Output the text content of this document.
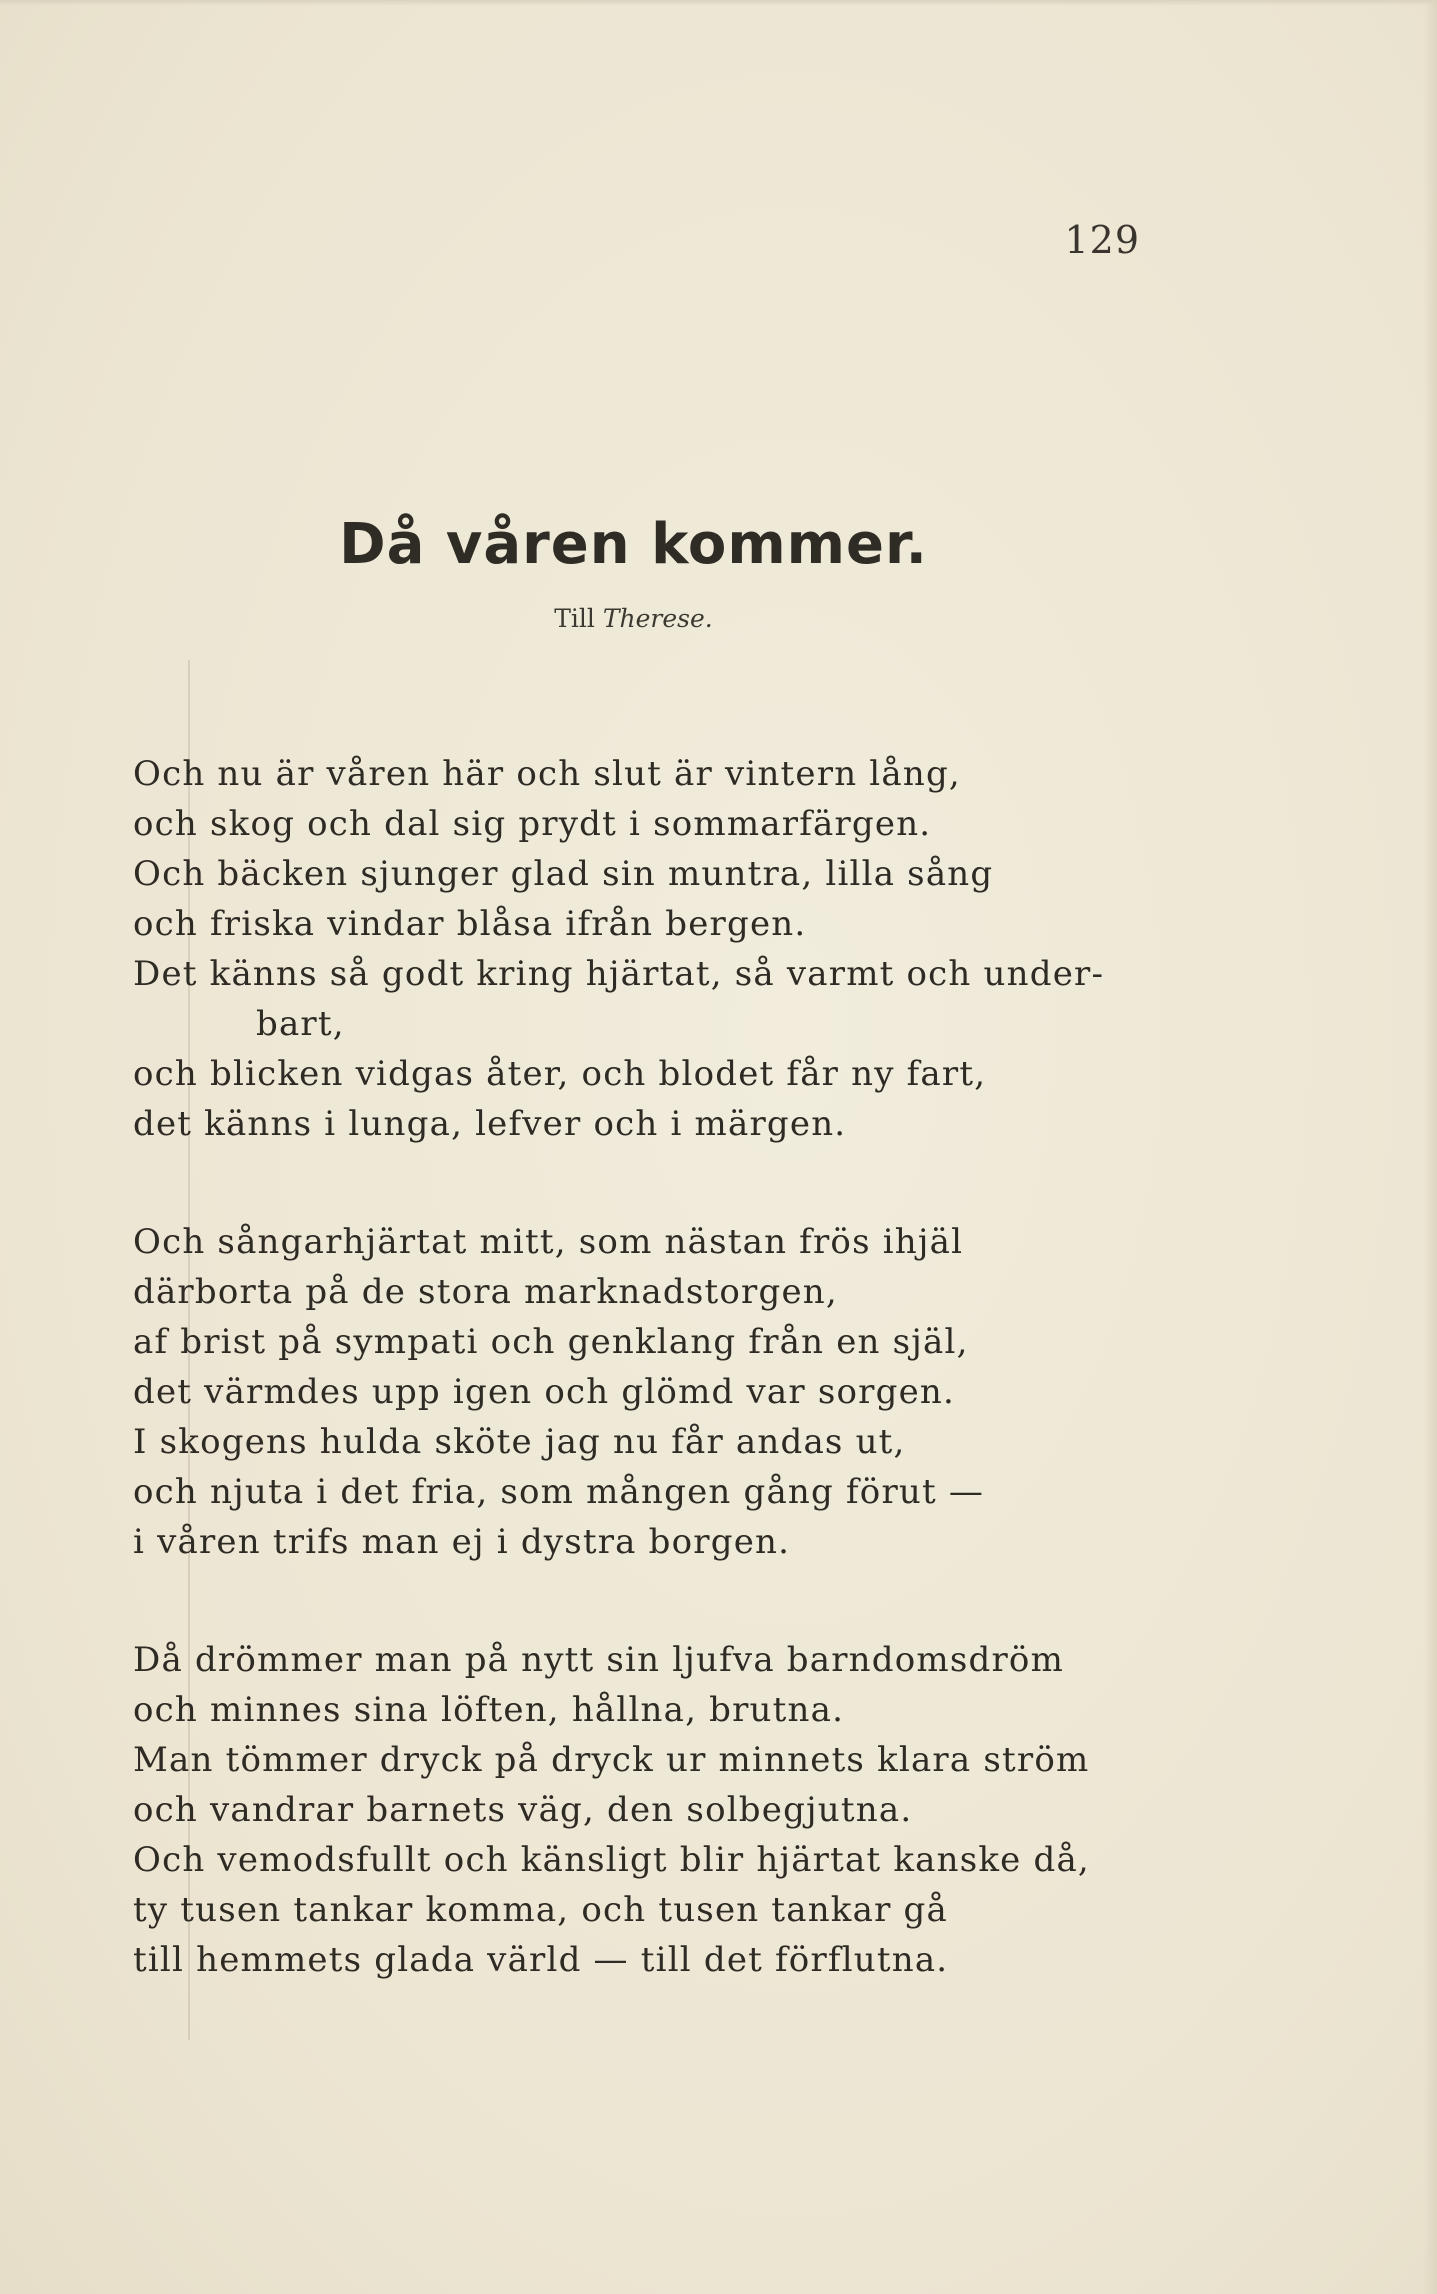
129
Då våren kommer.
Till Therese.
Och nu är våren här och slut är vintern lång,
och skog och dal sig prydt i sommarfärgen.
Och bäcken sjunger glad sin muntra, lilla sång
och friska vindar blåsa ifrån bergen.
Det känns så godt kring hjärtat, så varmt och under-
bart,
och blicken vidgas åter, och blodet får ny fart,
det känns i lunga, lefver och i märgen.
Och sångarhjärtat mitt, som nästan frös ihjäl
därborta på de stora marknadstorgen,
af brist på sympati och genklang från en själ,
det värmdes upp igen och glömd var sorgen.
I skogens hulda sköte jag nu får andas ut,
och njuta i det fria, som mången gång förut —
i våren trifs man ej i dystra borgen.
Då drömmer man på nytt sin ljufva barndomsdröm
och minnes sina löften, hållna, brutna.
Man tömmer dryck på dryck ur minnets klara ström
och vandrar barnets väg, den solbegjutna.
Och vemodsfullt och känsligt blir hjärtat kanske då,
ty tusen tankar komma, och tusen tankar gå
till hemmets glada värld — till det förflutna.
